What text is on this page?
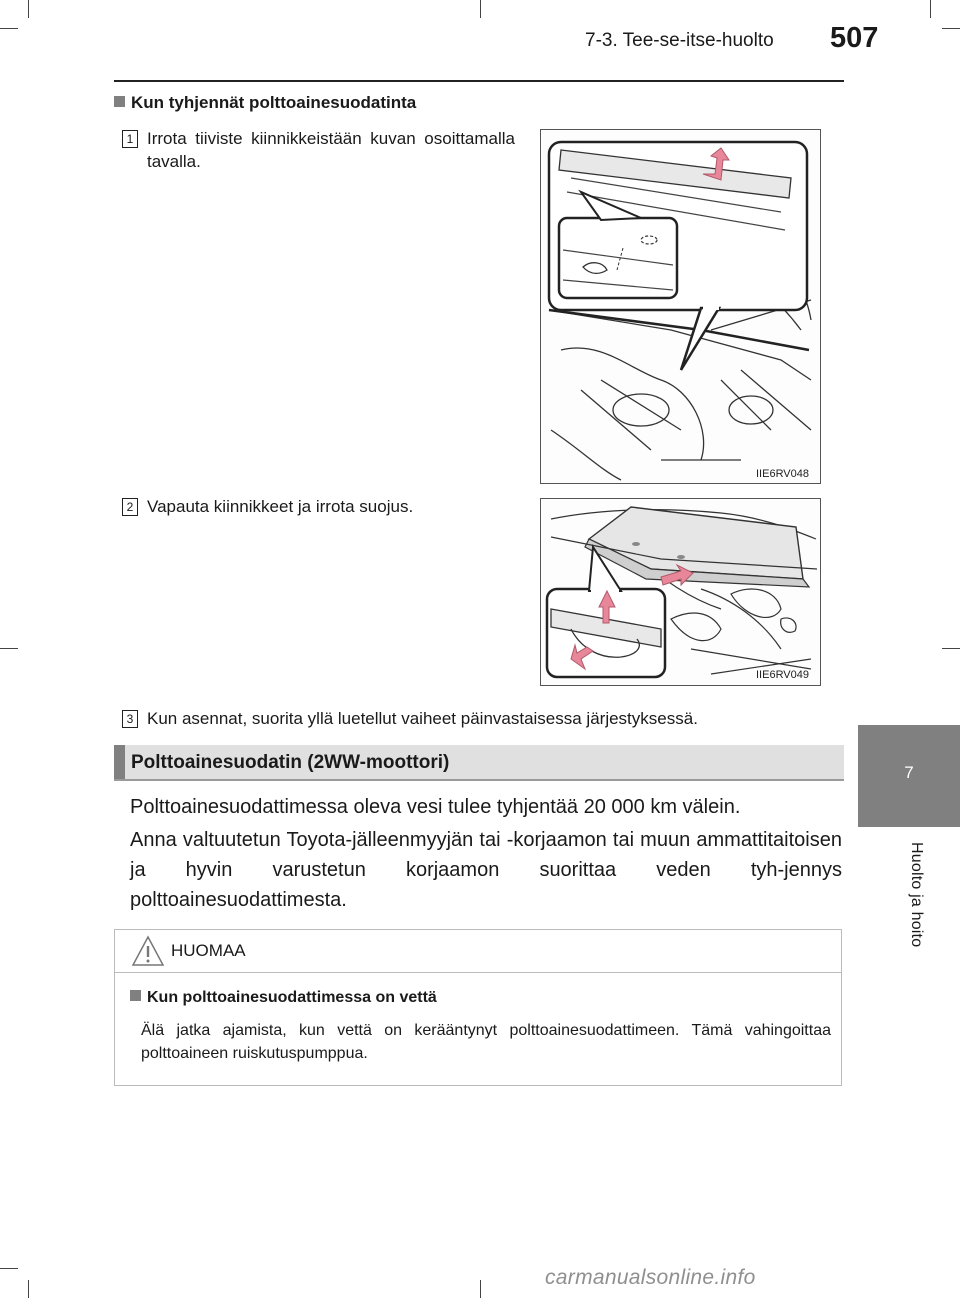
7-3. Tee-se-itse-huolto 507
7
Huolto ja hoito
Kun tyhjennät polttoainesuodatinta
1 Irrota tiiviste kiinnikkeistään kuvan osoittamalla tavalla.
IIE6RV048
2 Vapauta kiinnikkeet ja irrota suojus.
IIE6RV049
3 Kun asennat, suorita yllä luetellut vaiheet päinvastaisessa järjestyksessä.
Polttoainesuodatin (2WW-moottori)
Polttoainesuodattimessa oleva vesi tulee tyhjentää 20 000 km välein.
Anna valtuutetun Toyota-jälleenmyyjän tai -korjaamon tai muun ammattitaitoisen ja hyvin varustetun korjaamon suorittaa veden tyh-jennys polttoainesuodattimesta.
HUOMAA
Kun polttoainesuodattimessa on vettä
Älä jatka ajamista, kun vettä on kerääntynyt polttoainesuodattimeen. Tämä vahingoittaa polttoaineen ruiskutuspumppua.
carmanualsonline.info
